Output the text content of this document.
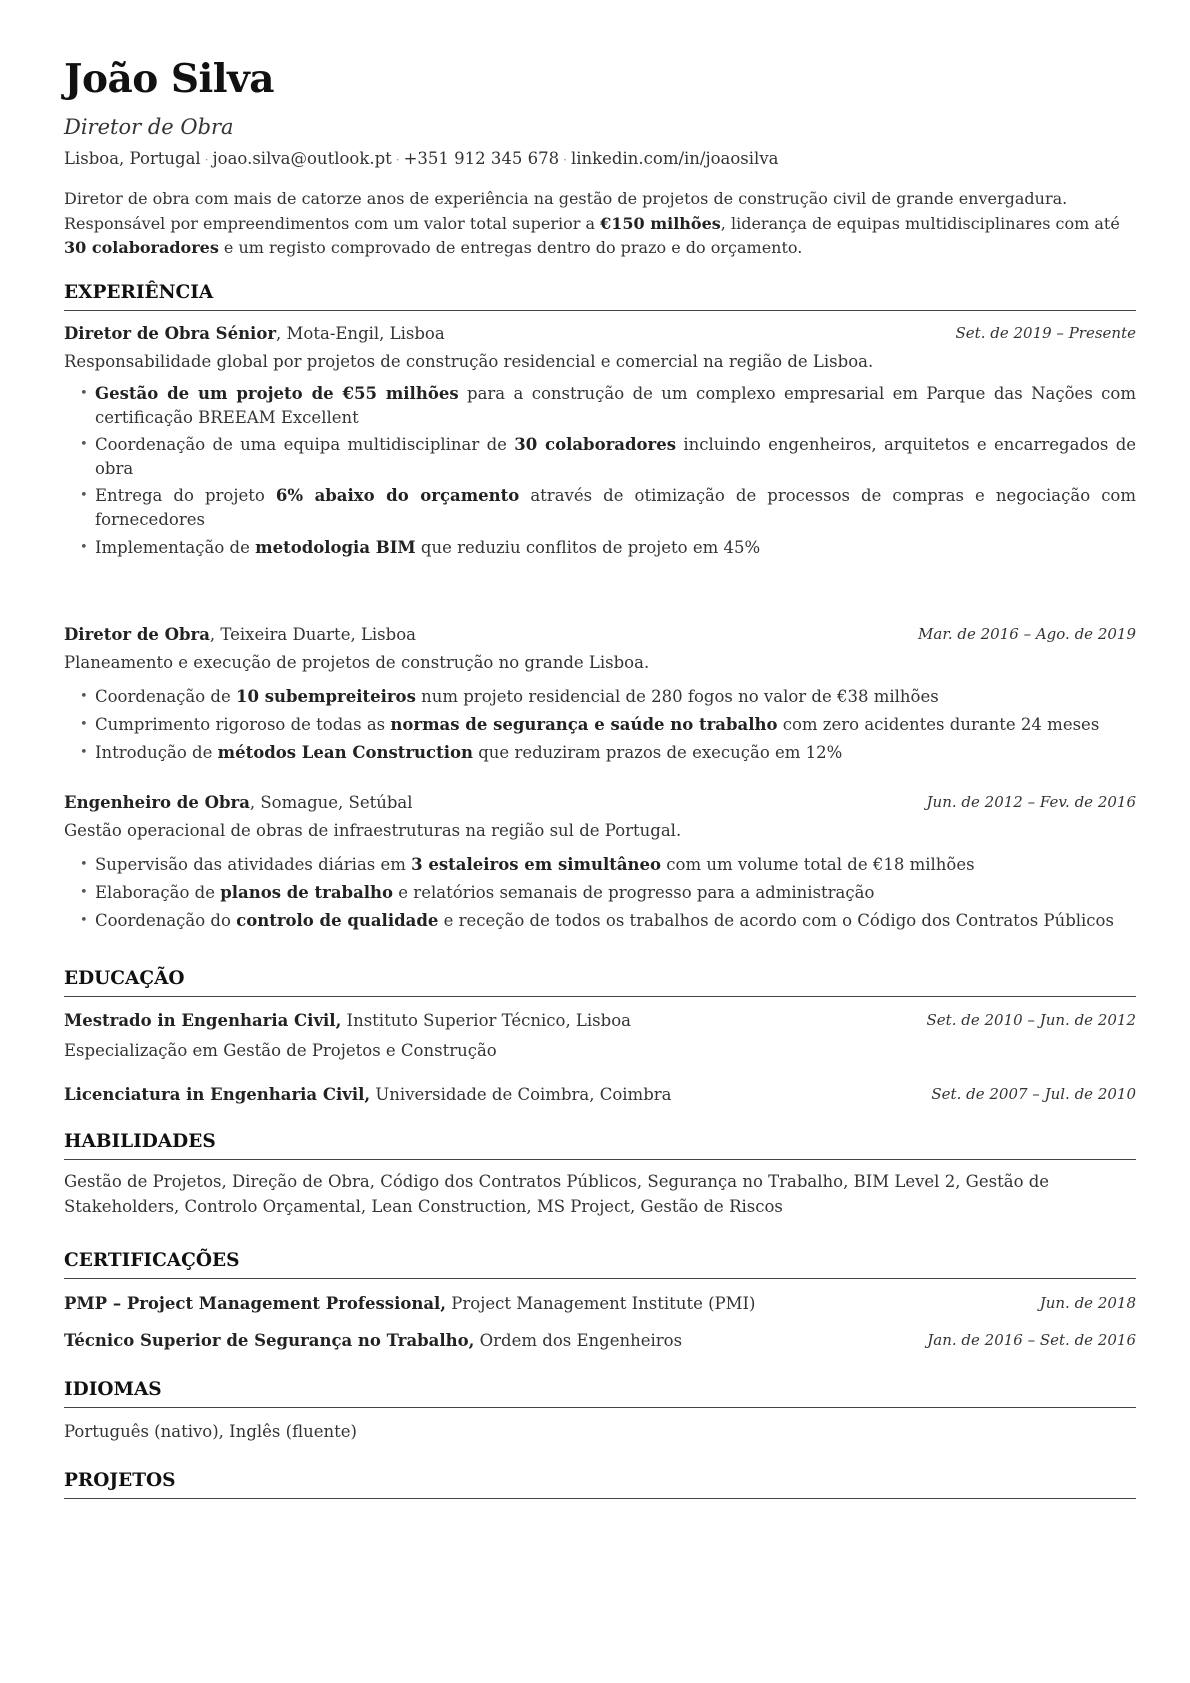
João Silva
Diretor de Obra
Lisboa, Portugal · joao.silva@outlook.pt · +351 912 345 678 · linkedin.com/in/joaosilva
Diretor de obra com mais de catorze anos de experiência na gestão de projetos de construção civil de grande envergadura. Responsável por empreendimentos com um valor total superior a €150 milhões, liderança de equipas multidisciplinares com até 30 colaboradores e um registo comprovado de entregas dentro do prazo e do orçamento.
EXPERIÊNCIA
Diretor de Obra Sénior, Mota-Engil, Lisboa	Set. de 2019 – Presente
Responsabilidade global por projetos de construção residencial e comercial na região de Lisboa.
• Gestão de um projeto de €55 milhões para a construção de um complexo empresarial em Parque das Nações com certificação BREEAM Excellent
• Coordenação de uma equipa multidisciplinar de 30 colaboradores incluindo engenheiros, arquitetos e encarregados de obra
• Entrega do projeto 6% abaixo do orçamento através de otimização de processos de compras e negociação com fornecedores
• Implementação de metodologia BIM que reduziu conflitos de projeto em 45%
Diretor de Obra, Teixeira Duarte, Lisboa	Mar. de 2016 – Ago. de 2019
Planeamento e execução de projetos de construção no grande Lisboa.
• Coordenação de 10 subempreiteiros num projeto residencial de 280 fogos no valor de €38 milhões
• Cumprimento rigoroso de todas as normas de segurança e saúde no trabalho com zero acidentes durante 24 meses
• Introdução de métodos Lean Construction que reduziram prazos de execução em 12%
Engenheiro de Obra, Somague, Setúbal	Jun. de 2012 – Fev. de 2016
Gestão operacional de obras de infraestruturas na região sul de Portugal.
• Supervisão das atividades diárias em 3 estaleiros em simultâneo com um volume total de €18 milhões
• Elaboração de planos de trabalho e relatórios semanais de progresso para a administração
• Coordenação do controlo de qualidade e receção de todos os trabalhos de acordo com o Código dos Contratos Públicos
EDUCAÇÃO
Mestrado in Engenharia Civil, Instituto Superior Técnico, Lisboa	Set. de 2010 – Jun. de 2012
Especialização em Gestão de Projetos e Construção
Licenciatura in Engenharia Civil, Universidade de Coimbra, Coimbra	Set. de 2007 – Jul. de 2010
HABILIDADES
Gestão de Projetos, Direção de Obra, Código dos Contratos Públicos, Segurança no Trabalho, BIM Level 2, Gestão de Stakeholders, Controlo Orçamental, Lean Construction, MS Project, Gestão de Riscos
CERTIFICAÇÕES
PMP – Project Management Professional, Project Management Institute (PMI)	Jun. de 2018
Técnico Superior de Segurança no Trabalho, Ordem dos Engenheiros	Jan. de 2016 – Set. de 2016
IDIOMAS
Português (nativo), Inglês (fluente)
PROJETOS
